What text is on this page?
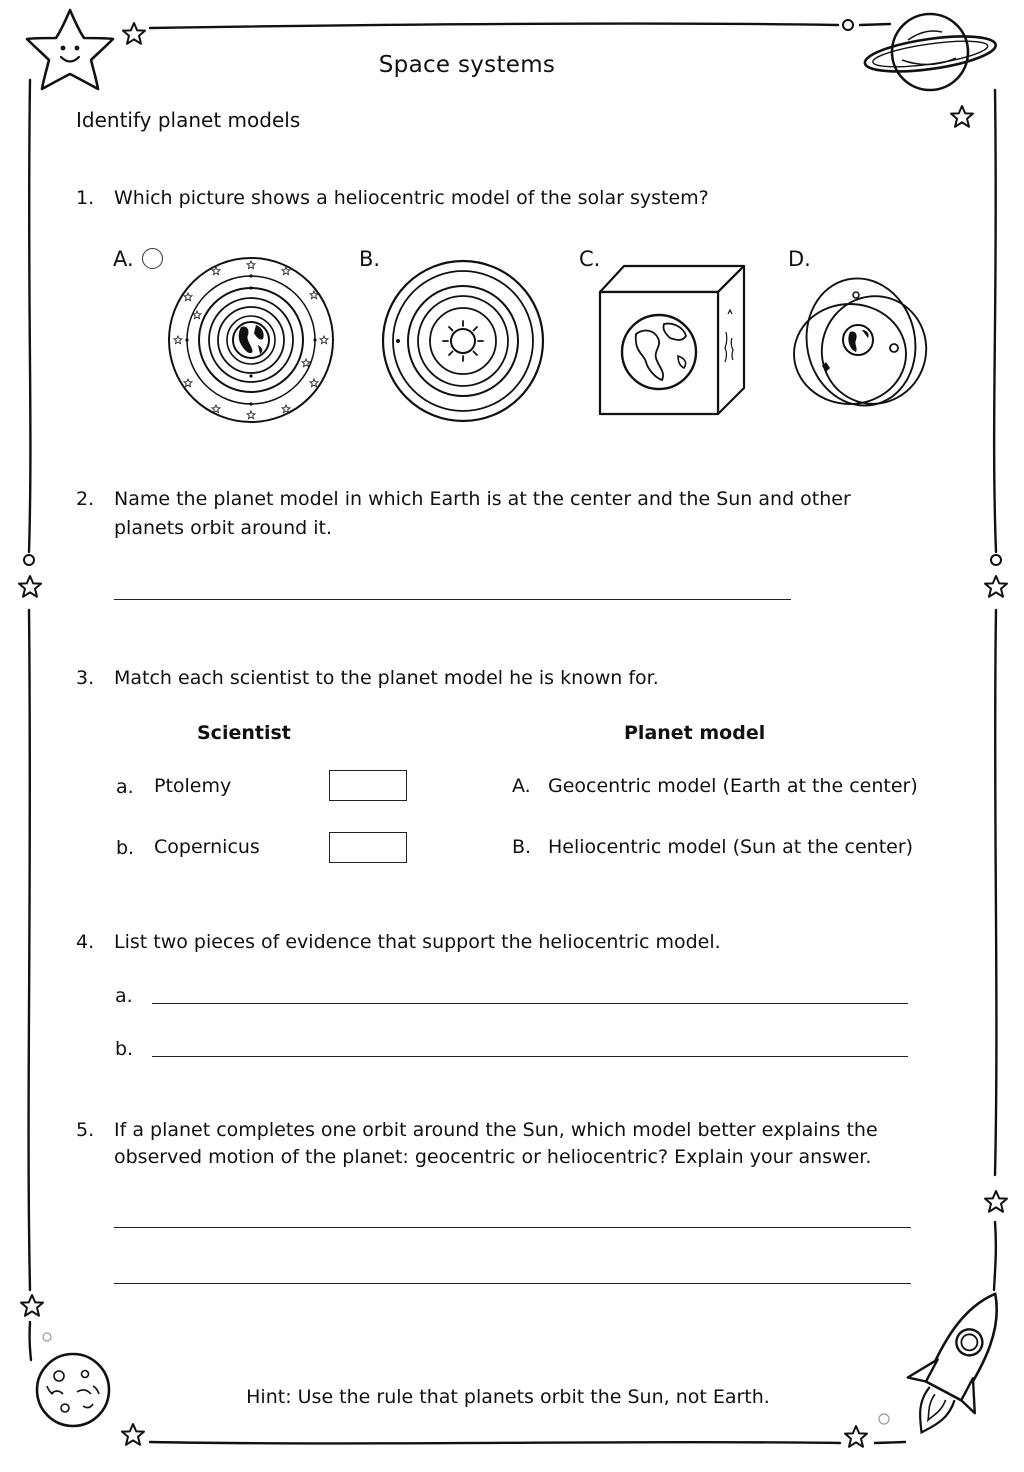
Space systems
Identify planet models
1. Which picture shows a heliocentric model of the solar system?
A.	B.	C.	D.
2. Name the planet model in which Earth is at the center and the Sun and other
planets orbit around it.
3. Match each scientist to the planet model he is known for.
Scientist	Planet model
a. Ptolemy	A. Geocentric model (Earth at the center)
b. Copernicus	B. Heliocentric model (Sun at the center)
4. List two pieces of evidence that support the heliocentric model.
a.
b.
5. If a planet completes one orbit around the Sun, which model better explains the
observed motion of the planet: geocentric or heliocentric? Explain your answer.
Hint: Use the rule that planets orbit the Sun, not Earth.
